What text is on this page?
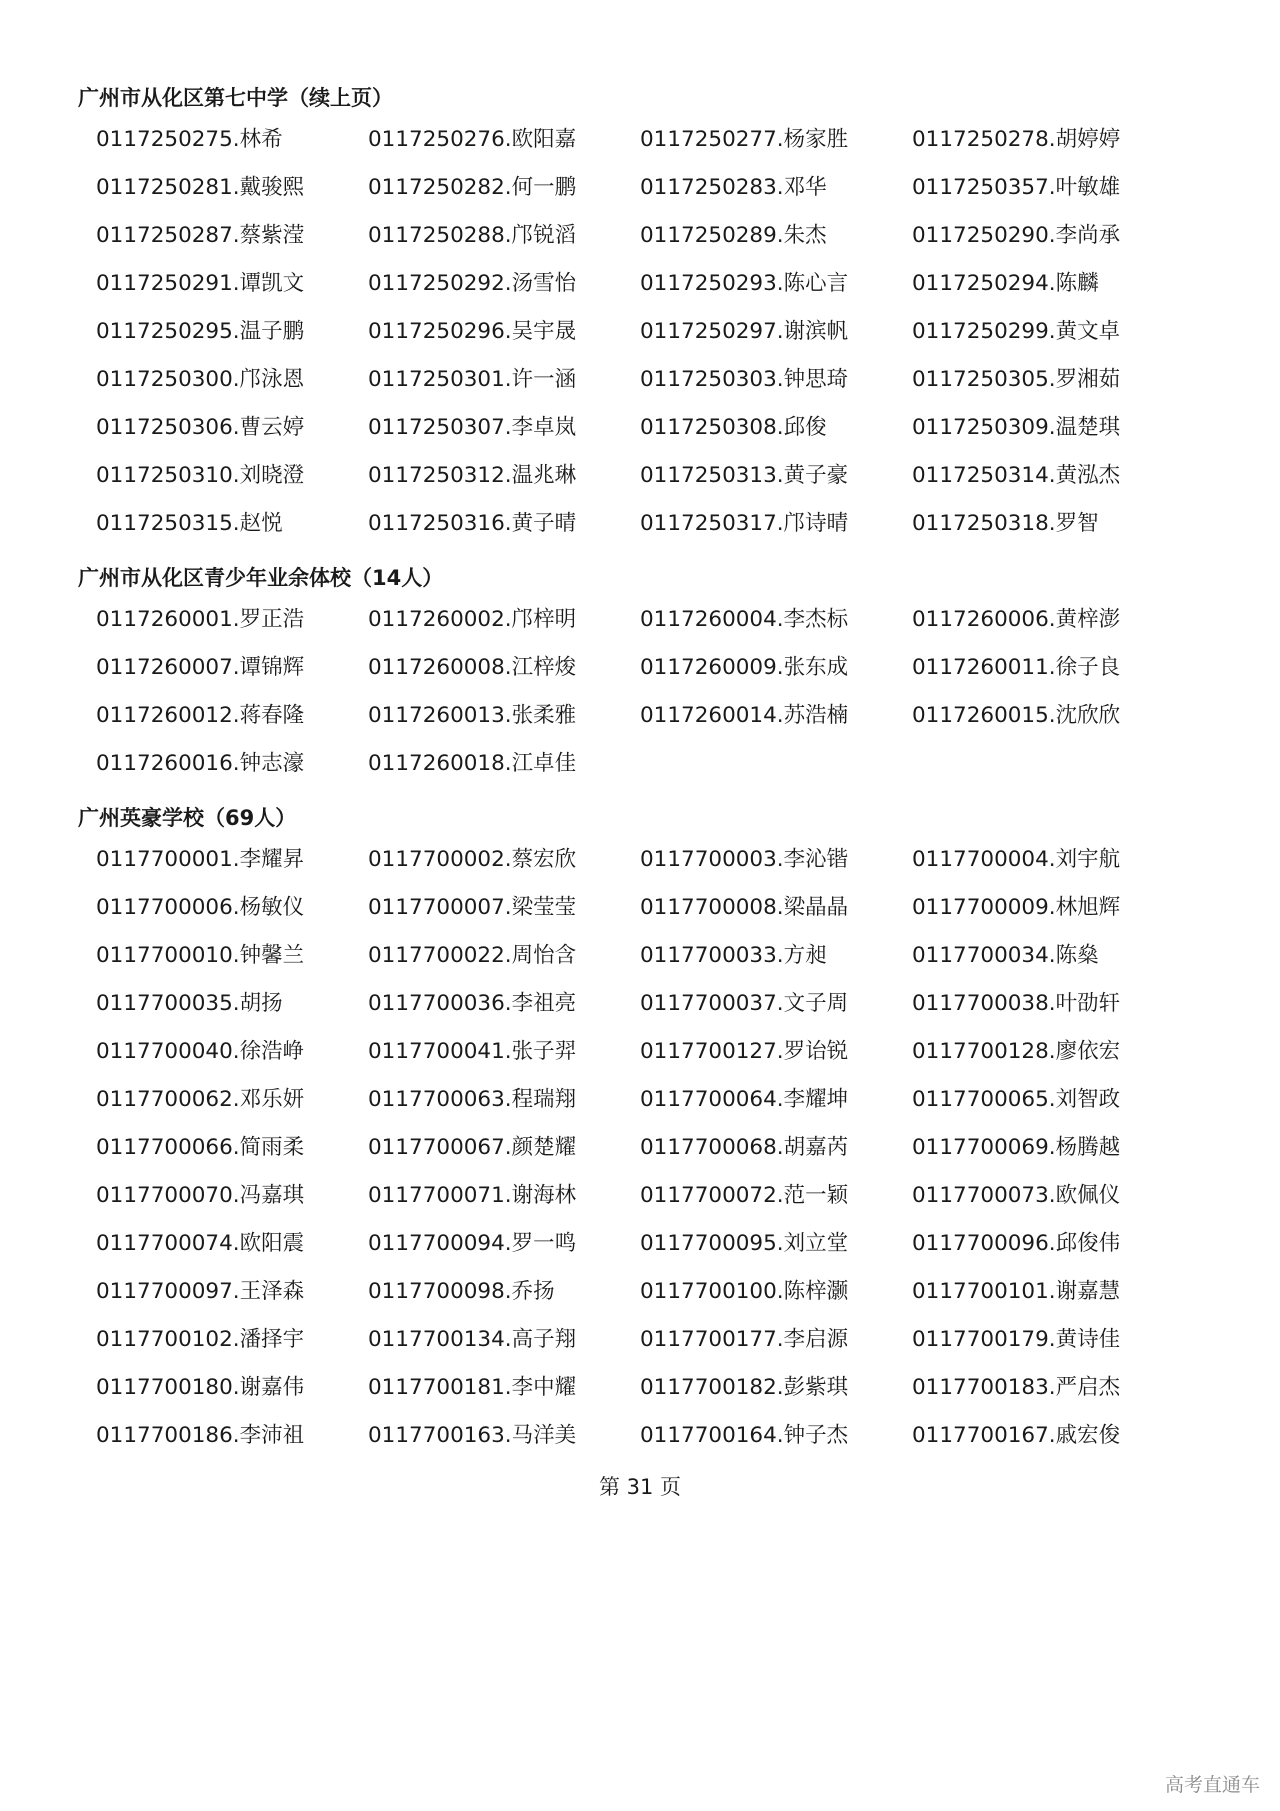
广州市从化区第七中学（续上页）
0117250275.林希	0117250276.欧阳嘉	0117250277.杨家胜	0117250278.胡婷婷
0117250281.戴骏熙	0117250282.何一鹏	0117250283.邓华	0117250357.叶敏雄
0117250287.蔡紫滢	0117250288.邝锐滔	0117250289.朱杰	0117250290.李尚承
0117250291.谭凯文	0117250292.汤雪怡	0117250293.陈心言	0117250294.陈麟
0117250295.温子鹏	0117250296.吴宇晟	0117250297.谢滨帆	0117250299.黄文卓
0117250300.邝泳恩	0117250301.许一涵	0117250303.钟思琦	0117250305.罗湘茹
0117250306.曹云婷	0117250307.李卓岚	0117250308.邱俊	0117250309.温楚琪
0117250310.刘晓澄	0117250312.温兆琳	0117250313.黄子豪	0117250314.黄泓杰
0117250315.赵悦	0117250316.黄子晴	0117250317.邝诗晴	0117250318.罗智
广州市从化区青少年业余体校（14人）
0117260001.罗正浩	0117260002.邝梓明	0117260004.李杰标	0117260006.黄梓澎
0117260007.谭锦辉	0117260008.江梓焌	0117260009.张东成	0117260011.徐子良
0117260012.蒋春隆	0117260013.张柔雅	0117260014.苏浩楠	0117260015.沈欣欣
0117260016.钟志濠	0117260018.江卓佳
广州英豪学校（69人）
0117700001.李耀昇	0117700002.蔡宏欣	0117700003.李沁锴	0117700004.刘宇航
0117700006.杨敏仪	0117700007.梁莹莹	0117700008.梁晶晶	0117700009.林旭辉
0117700010.钟馨兰	0117700022.周怡含	0117700033.方昶	0117700034.陈燊
0117700035.胡扬	0117700036.李祖亮	0117700037.文子周	0117700038.叶劭轩
0117700040.徐浩峥	0117700041.张子羿	0117700127.罗诒锐	0117700128.廖依宏
0117700062.邓乐妍	0117700063.程瑞翔	0117700064.李耀坤	0117700065.刘智政
0117700066.简雨柔	0117700067.颜楚耀	0117700068.胡嘉芮	0117700069.杨腾越
0117700070.冯嘉琪	0117700071.谢海林	0117700072.范一颖	0117700073.欧佩仪
0117700074.欧阳震	0117700094.罗一鸣	0117700095.刘立堂	0117700096.邱俊伟
0117700097.王泽森	0117700098.乔扬	0117700100.陈梓灏	0117700101.谢嘉慧
0117700102.潘择宇	0117700134.高子翔	0117700177.李启源	0117700179.黄诗佳
0117700180.谢嘉伟	0117700181.李中耀	0117700182.彭紫琪	0117700183.严启杰
0117700186.李沛祖	0117700163.马洋美	0117700164.钟子杰	0117700167.戚宏俊
第 31 页
高考直通车
